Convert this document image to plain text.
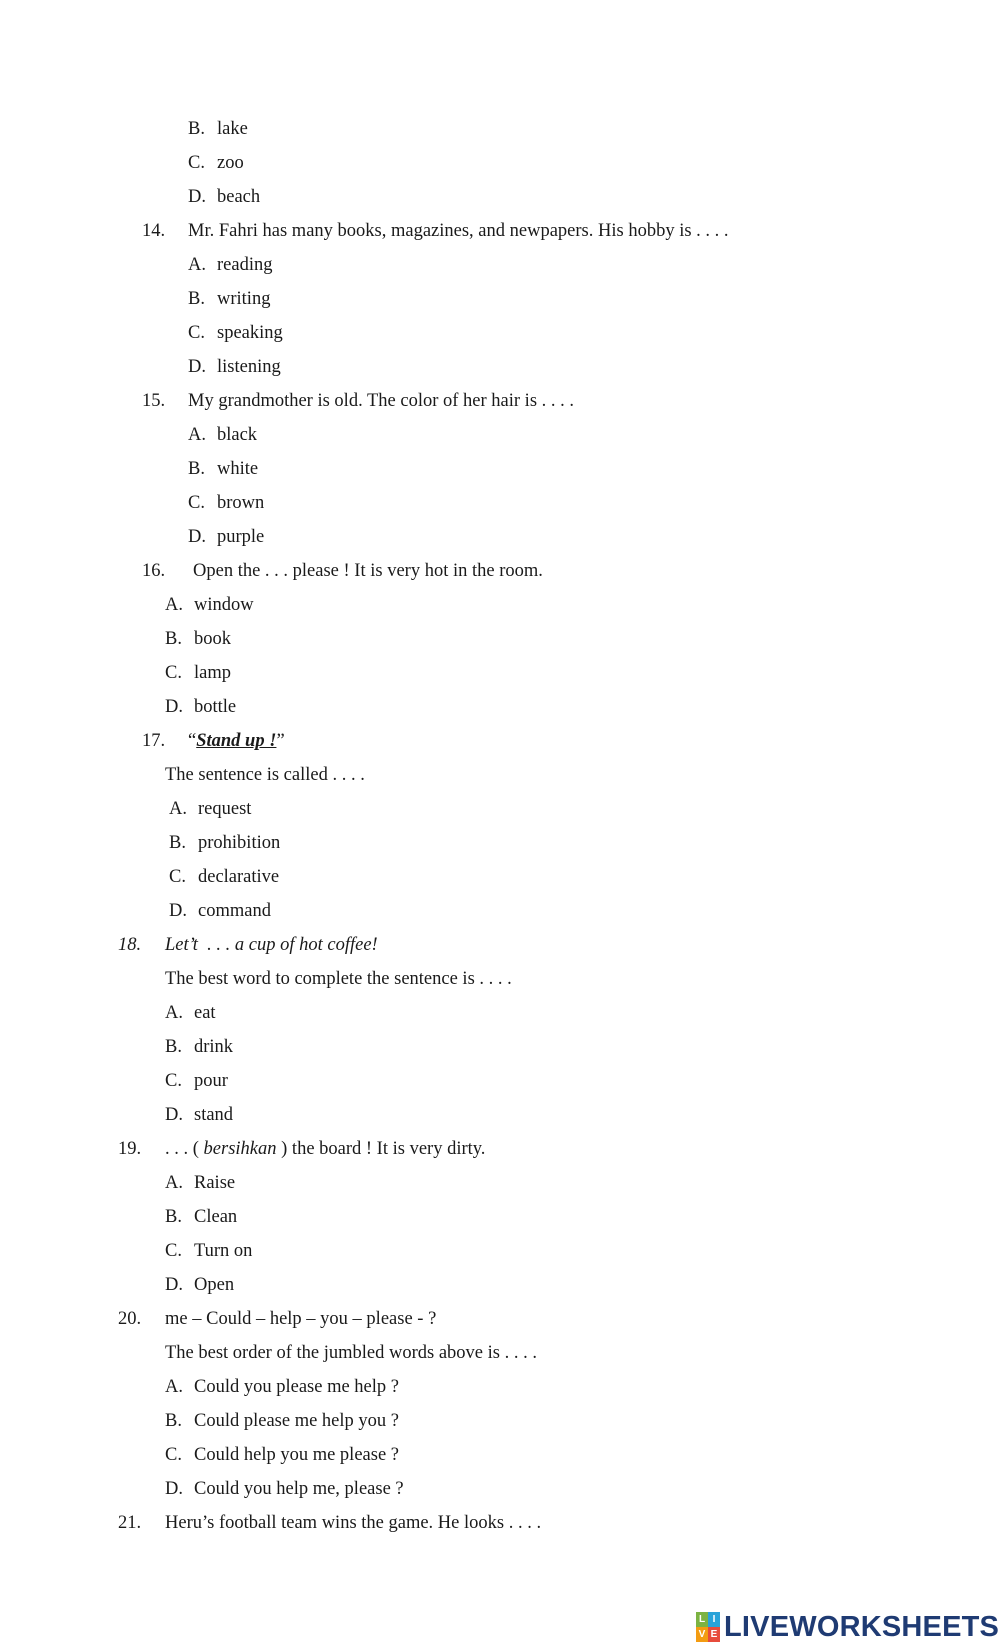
B. lake
C. zoo
D. beach
14. Mr. Fahri has many books, magazines, and newpapers. His hobby is . . . .
A. reading
B. writing
C. speaking
D. listening
15. My grandmother is old. The color of her hair is . . . .
A. black
B. white
C. brown
D. purple
16. Open the . . . please ! It is very hot in the room.
A. window
B. book
C. lamp
D. bottle
17. “Stand up !”
The sentence is called . . . .
A. request
B. prohibition
C. declarative
D. command
18. Let’t  . . . a cup of hot coffee!
The best word to complete the sentence is . . . .
A. eat
B. drink
C. pour
D. stand
19. . . . ( bersihkan ) the board ! It is very dirty.
A. Raise
B. Clean
C. Turn on
D. Open
20. me – Could – help – you – please - ?
The best order of the jumbled words above is . . . .
A. Could you please me help ?
B. Could please me help you ?
C. Could help you me please ?
D. Could you help me, please ?
21. Heru’s football team wins the game. He looks . . . .
L I
V E LIVEWORKSHEETS
